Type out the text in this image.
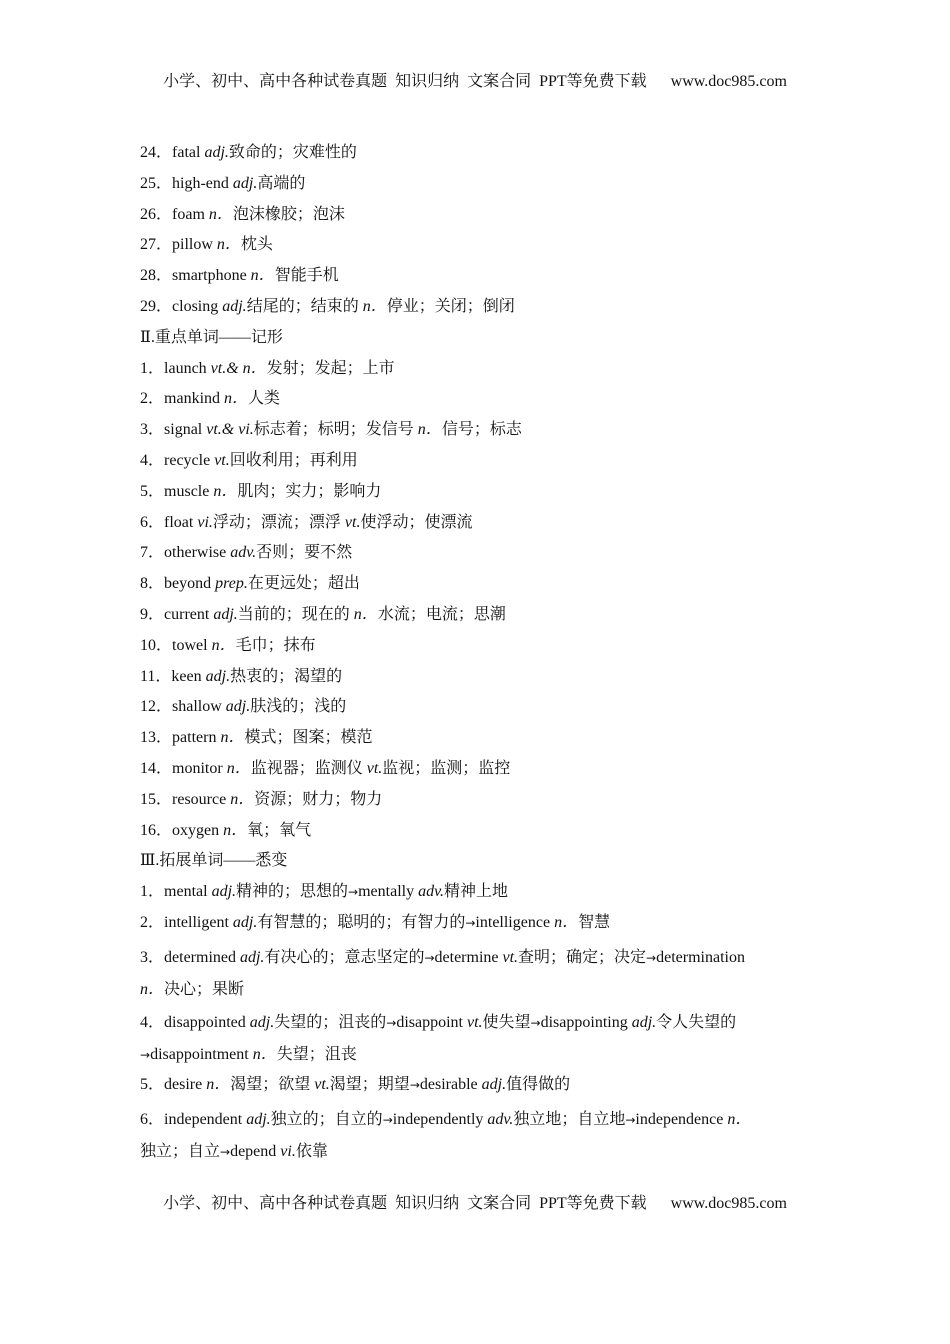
小学、初中、高中各种试卷真题  知识归纳  文案合同  PPT等免费下载      www.doc985.com
24．fatal adj.致命的；灾难性的
25．high-end adj.高端的
26．foam n．泡沫橡胶；泡沫
27．pillow n．枕头
28．smartphone n．智能手机
29．closing adj.结尾的；结束的 n．停业；关闭；倒闭
Ⅱ.重点单词——记形
1．launch vt.& n．发射；发起；上市
2．mankind n．人类
3．signal vt.& vi.标志着；标明；发信号 n．信号；标志
4．recycle vt.回收利用；再利用
5．muscle n．肌肉；实力；影响力
6．float vi.浮动；漂流；漂浮 vt.使浮动；使漂流
7．otherwise adv.否则；要不然
8．beyond prep.在更远处；超出
9．current adj.当前的；现在的 n．水流；电流；思潮
10．towel n．毛巾；抹布
11．keen adj.热衷的；渴望的
12．shallow adj.肤浅的；浅的
13．pattern n．模式；图案；模范
14．monitor n．监视器；监测仪 vt.监视；监测；监控
15．resource n．资源；财力；物力
16．oxygen n．氧；氧气
Ⅲ.拓展单词——悉变
1．mental adj.精神的；思想的→mentally adv.精神上地
2．intelligent adj.有智慧的；聪明的；有智力的→intelligence n．智慧
3．determined adj.有决心的；意志坚定的→determine vt.查明；确定；决定→determination
n．决心；果断
4．disappointed adj.失望的；沮丧的→disappoint vt.使失望→disappointing adj.令人失望的
→disappointment n．失望；沮丧
5．desire n．渴望；欲望 vt.渴望；期望→desirable adj.值得做的
6．independent adj.独立的；自立的→independently adv.独立地；自立地→independence n．
独立；自立→depend vi.依靠
小学、初中、高中各种试卷真题  知识归纳  文案合同  PPT等免费下载      www.doc985.com
